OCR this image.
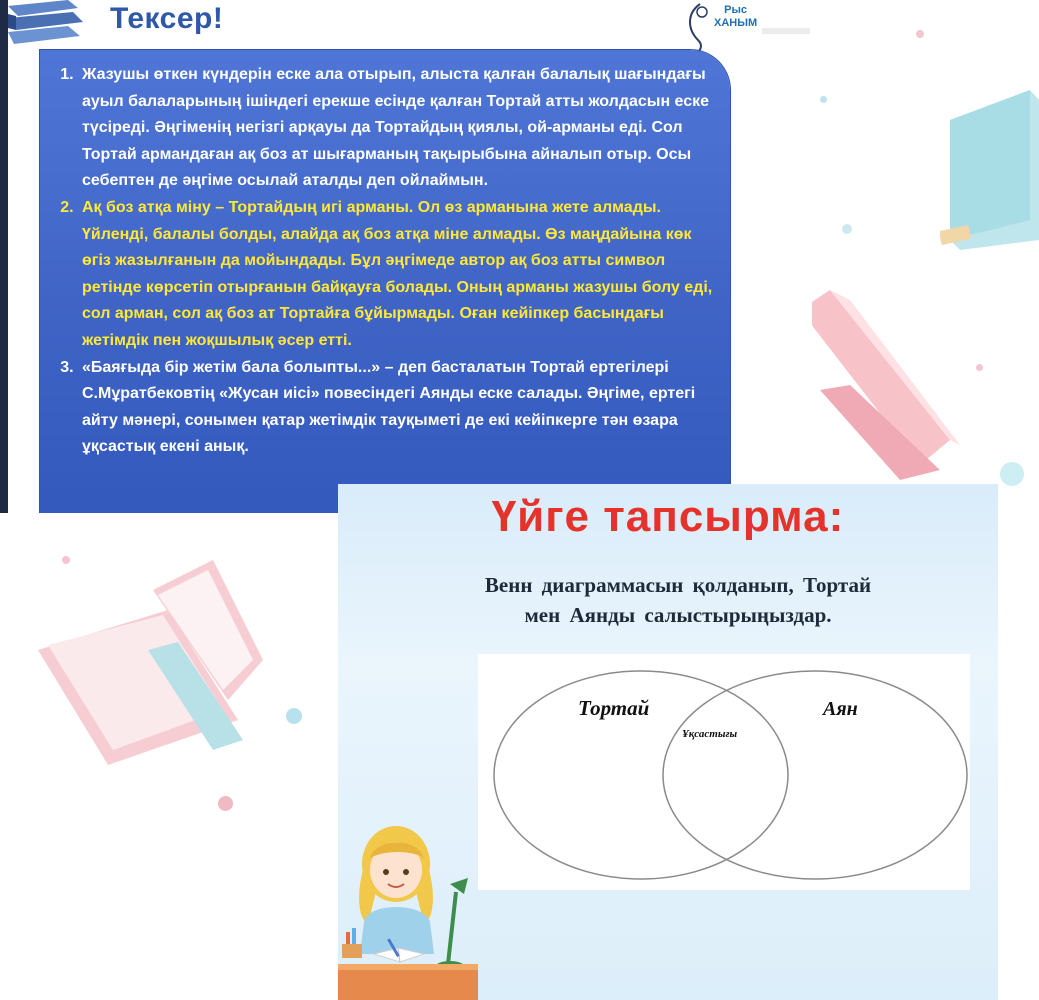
Тексер!	Рыс
ХАНЫМ
1. Жазушы өткен күндерін еске ала отырып, алыста қалған балалық шағындағы ауыл балаларының ішіндегі ерекше есінде қалған Тортай атты жолдасын еске түсіреді. Әңгіменің негізгі арқауы да Тортайдың қиялы, ой-арманы еді. Сол Тортай армандаған ақ боз ат шығарманың тақырыбына айналып отыр. Осы себептен де әңгіме осылай аталды деп ойлаймын.
2. Ақ боз атқа міну – Тортайдың игі арманы. Ол өз арманына жете алмады. Үйленді, балалы болды, алайда ақ боз атқа міне алмады. Өз маңдайына көк өгіз жазылғанын да мойындады. Бұл әңгімеде автор ақ боз атты символ ретінде көрсетіп отырғанын байқауға болады. Оның арманы жазушы болу еді, сол арман, сол ақ боз ат Тортайға бұйырмады. Оған кейіпкер басындағы жетімдік пен жоқшылық әсер етті.
3. «Баяғыда бір жетім бала болыпты...» – деп басталатын Тортай ертегілері С.Мұратбековтің «Жусан иісі» повесіндегі Аянды еске салады. Әңгіме, ертегі айту мәнері, сонымен қатар жетімдік тауқыметі де екі кейіпкерге тән өзара ұқсастық екені анық.
Үйге тапсырма:
Венн диаграммасын қолданып, Тортай
мен Аянды салыстырыңыздар.
Тортай	Аян
Ұқсастығы
